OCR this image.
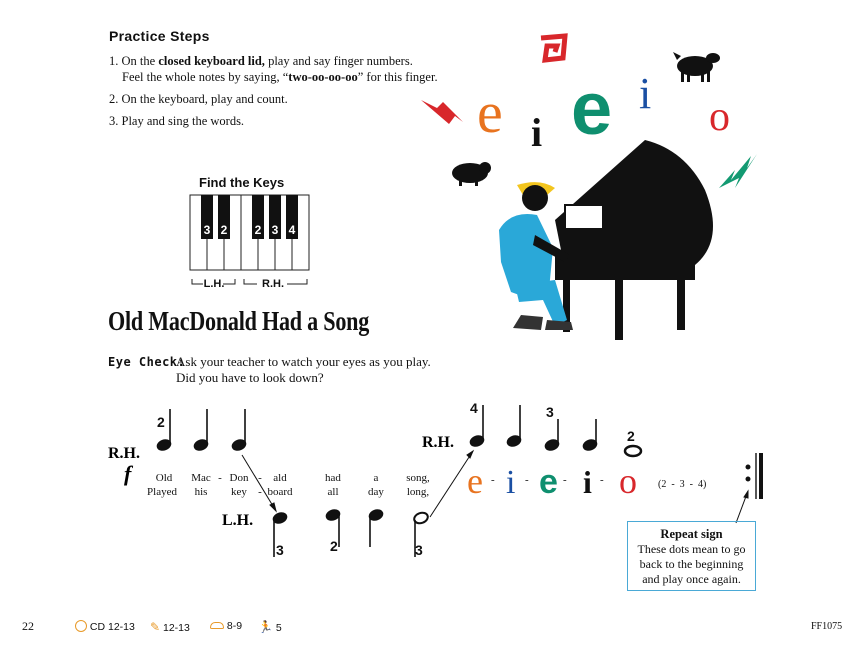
Practice Steps
1. On the closed keyboard lid, play and say finger numbers.
Feel the whole notes by saying, “two-oo-oo-oo” for this finger.
2. On the keyboard, play and count.
3. Play and sing the words.
Find the Keys
3 2 2 3 4
L.H.	R.H.
Old MacDonald Had a Song
Eye Check:
Ask your teacher to watch your eyes as you play.
Did you have to look down?
e i e i o
2
3	2	3
4	3
2
R.H.
R.H.
L.H.
f Old Mac - Don - ald	had	a	song,
Played his key - board	all	day long, e - i - e - i - o (2  -  3  -  4)
Repeat sign
These dots mean to go
back to the beginning
and play once again.
22	CD 12-13 ✎ 12-13	8-9 🏃 5	FF1075
